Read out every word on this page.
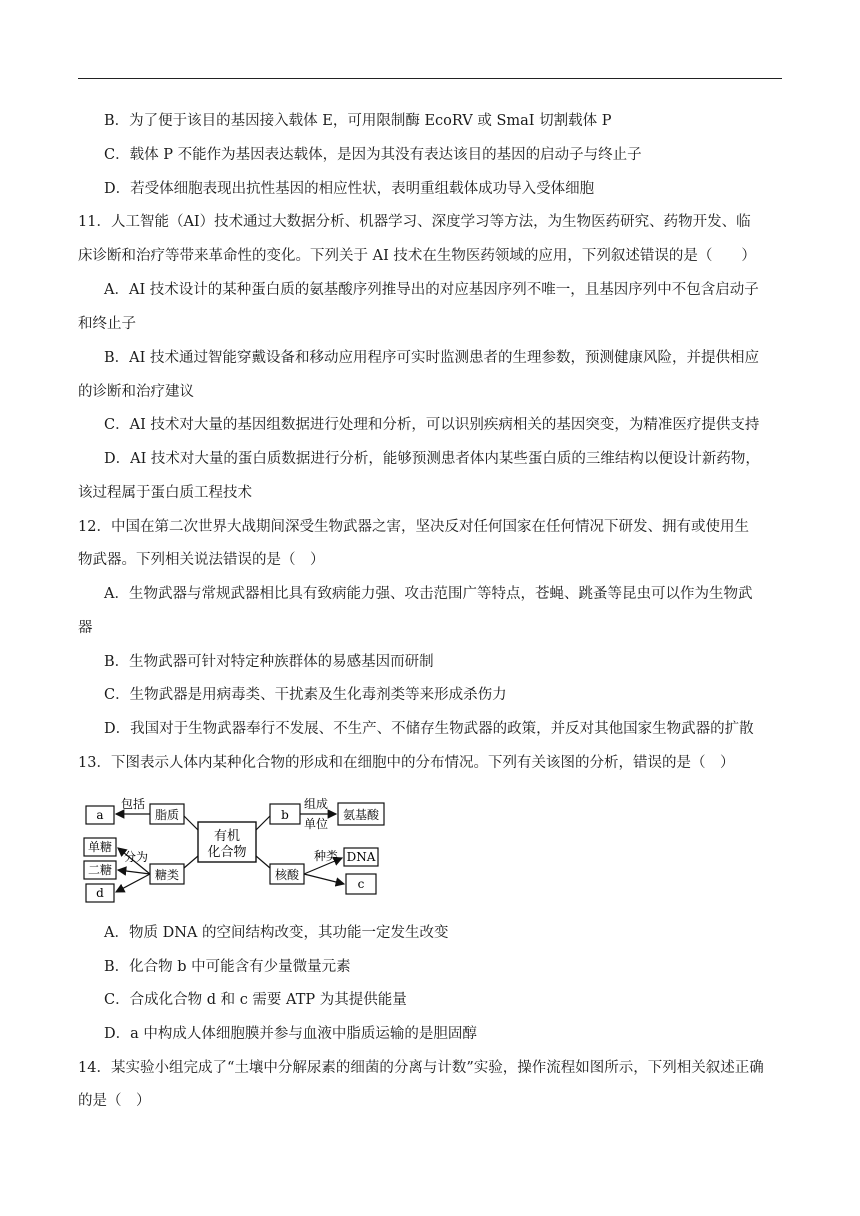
B．为了便于该目的基因接入载体 E，可用限制酶 EcoRV 或 SmaI 切割载体 P
C．载体 P 不能作为基因表达载体，是因为其没有表达该目的基因的启动子与终止子
D．若受体细胞表现出抗性基因的相应性状，表明重组载体成功导入受体细胞
11．人工智能（AI）技术通过大数据分析、机器学习、深度学习等方法，为生物医药研究、药物开发、临
床诊断和治疗等带来革命性的变化。下列关于 AI 技术在生物医药领域的应用，下列叙述错误的是（　　）
A．AI 技术设计的某种蛋白质的氨基酸序列推导出的对应基因序列不唯一，且基因序列中不包含启动子
和终止子
B．AI 技术通过智能穿戴设备和移动应用程序可实时监测患者的生理参数，预测健康风险，并提供相应
的诊断和治疗建议
C．AI 技术对大量的基因组数据进行处理和分析，可以识别疾病相关的基因突变，为精准医疗提供支持
D．AI 技术对大量的蛋白质数据进行分析，能够预测患者体内某些蛋白质的三维结构以便设计新药物，
该过程属于蛋白质工程技术
12．中国在第二次世界大战期间深受生物武器之害，坚决反对任何国家在任何情况下研发、拥有或使用生
物武器。下列相关说法错误的是（　）
A．生物武器与常规武器相比具有致病能力强、攻击范围广等特点，苍蝇、跳蚤等昆虫可以作为生物武
器
B．生物武器可针对特定种族群体的易感基因而研制
C．生物武器是用病毒类、干扰素及生化毒剂类等来形成杀伤力
D．我国对于生物武器奉行不发展、不生产、不储存生物武器的政策，并反对其他国家生物武器的扩散
13．下图表示人体内某种化合物的形成和在细胞中的分布情况。下列有关该图的分析，错误的是（　）
有机
化合物
脂质
a
包括
糖类
单糖
二糖
d
分为
b	氨基酸
组成
单位
核酸
DNA
c
种类
A．物质 DNA 的空间结构改变，其功能一定发生改变
B．化合物 b 中可能含有少量微量元素
C．合成化合物 d 和 c 需要 ATP 为其提供能量
D．a 中构成人体细胞膜并参与血液中脂质运输的是胆固醇
14．某实验小组完成了“土壤中分解尿素的细菌的分离与计数”实验，操作流程如图所示，下列相关叙述正确
的是（　）
